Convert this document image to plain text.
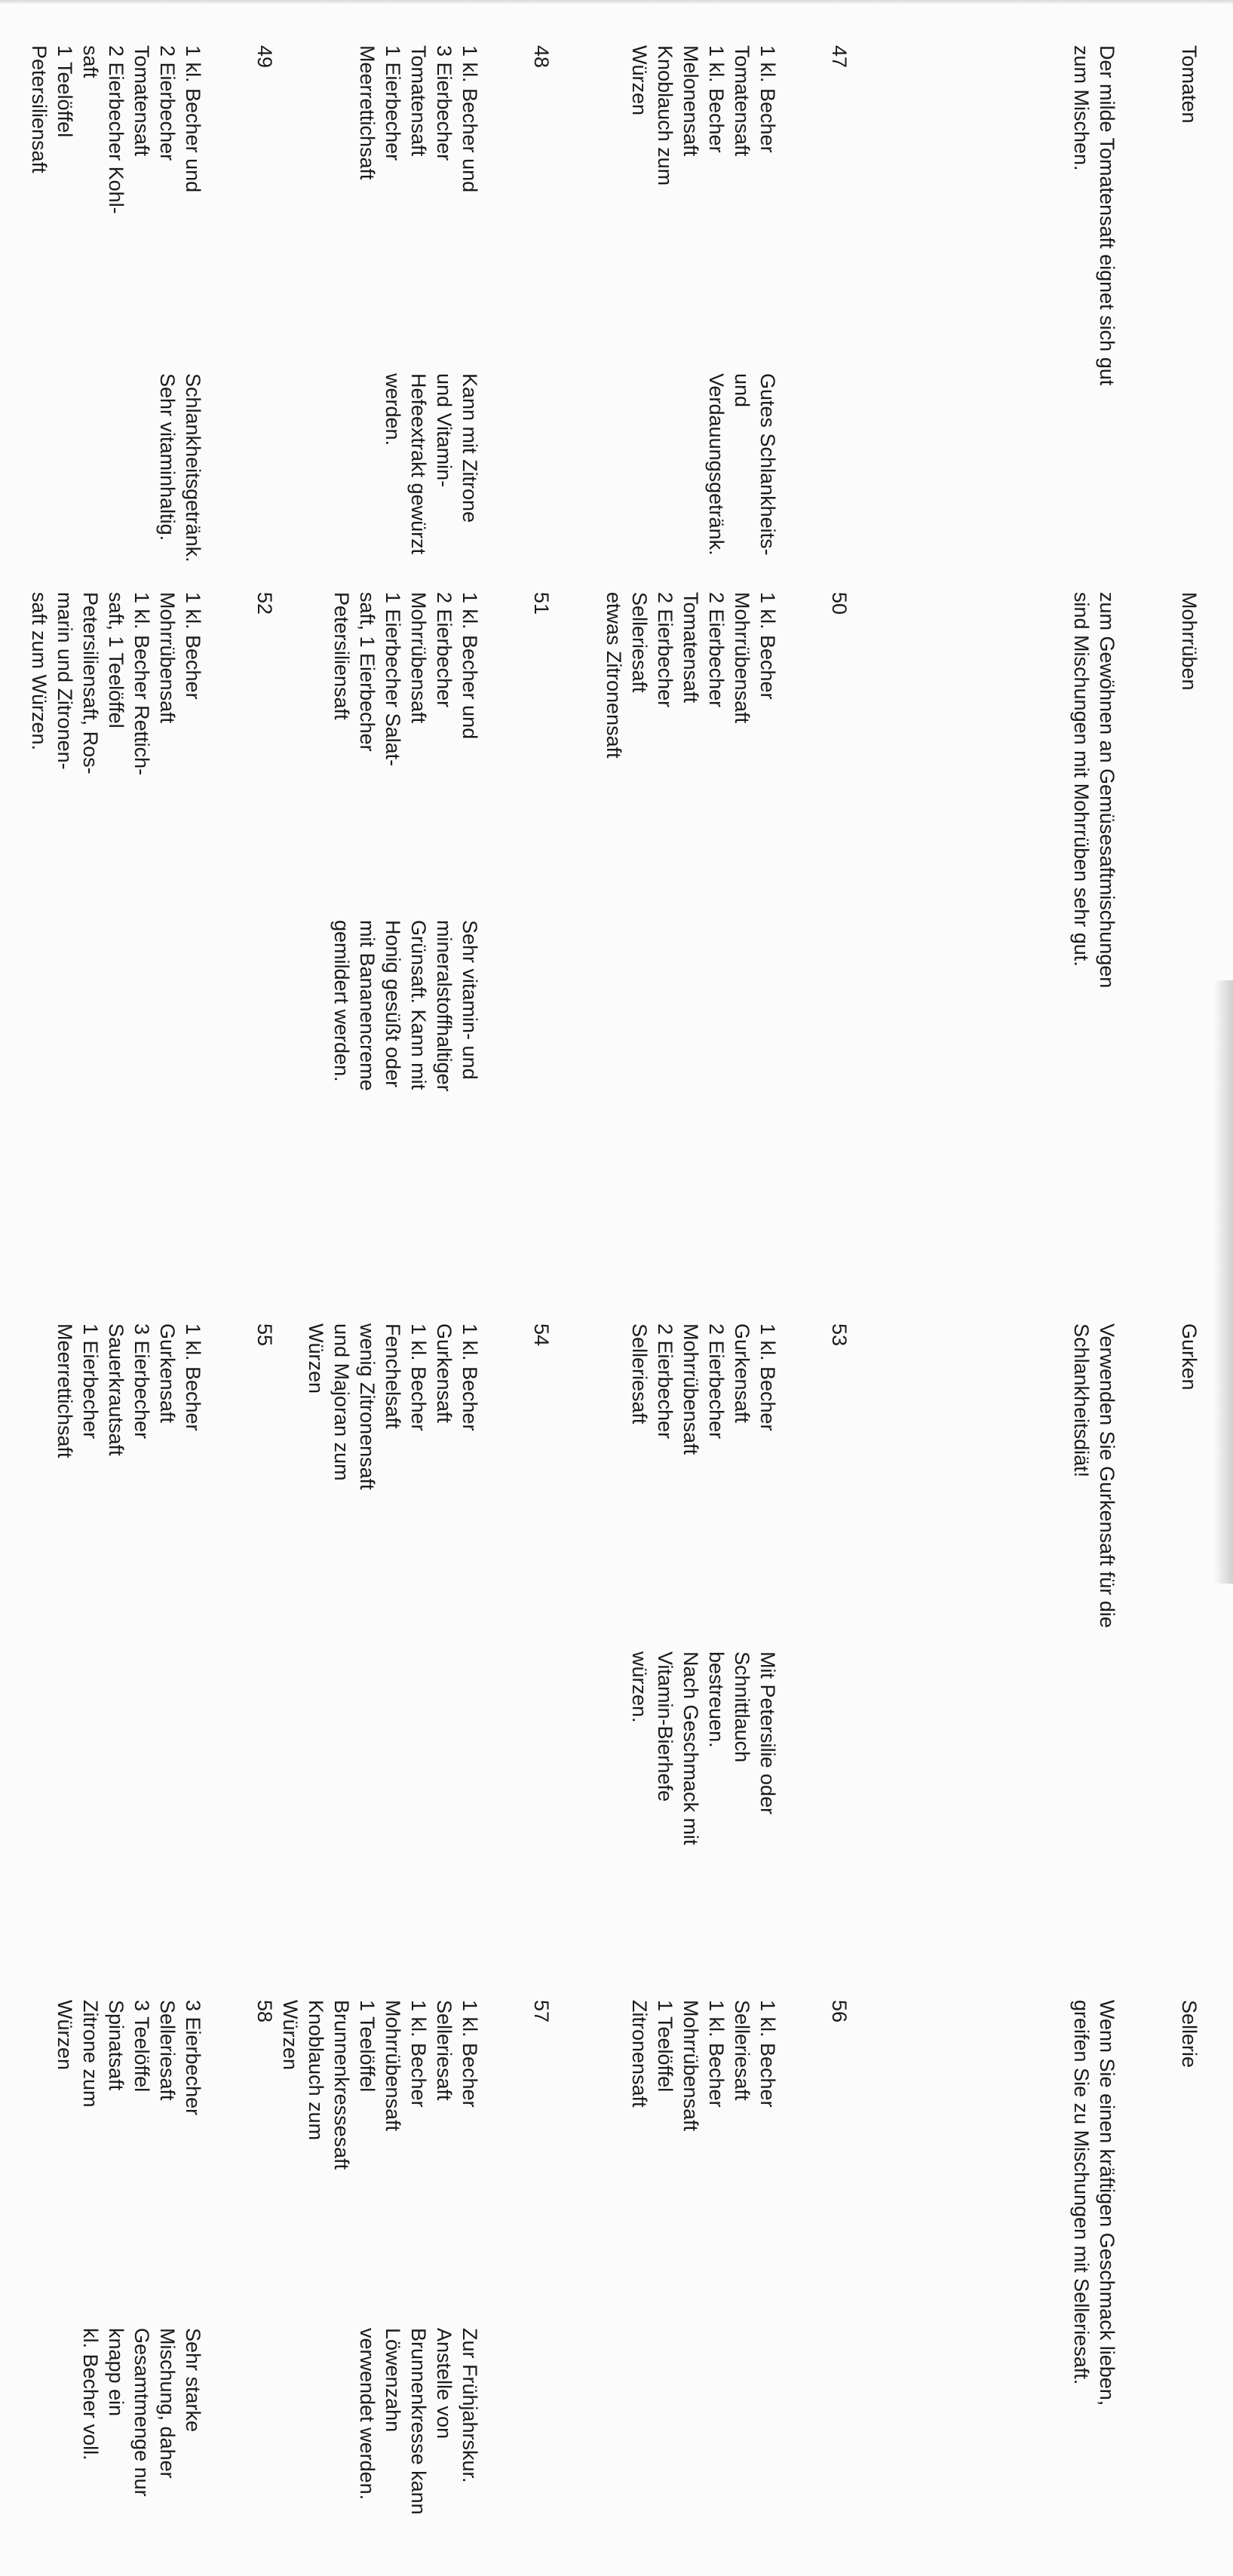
Tomaten

Der milde Tomatensaft eignet sich gut
zum Mischen.

47
1 kl. Becher
Tomatensaft
1 kl. Becher
Melonensaft
Knoblauch zum
Würzen
Gutes Schlankheits-
und
Verdauungsgetränk.
48
1 kl. Becher und
3 Eierbecher
Tomatensaft
1 Eierbecher
Meerrettichsaft
Kann mit Zitrone
und Vitamin-
Hefeextrakt gewürzt
werden.
49
1 kl. Becher und
2 Eierbecher
Tomatensaft
2 Eierbecher Kohl-
saft
1 Teelöffel
Petersiliensaft
Schlankheitsgetränk.
Sehr vitaminhaltig.
Mohrrüben

zum Gewöhnen an Gemüsesaftmischungen
sind Mischungen mit Mohrrüben sehr gut.

50
1 kl. Becher
Mohrrübensaft
2 Eierbecher
Tomatensaft
2 Eierbecher
Selleriesaft
etwas Zitronensaft
51
1 kl. Becher und
2 Eierbecher
Mohrrübensaft
1 Eierbecher Salat-
saft, 1 Eierbecher
Petersiliensaft
Sehr vitamin- und
mineralstoffhaltiger
Grünsaft. Kann mit
Honig gesüßt oder
mit Bananencreme
gemildert werden.
52
1 kl. Becher
Mohrrübensaft
1 kl. Becher Rettich-
saft, 1 Teelöffel
Petersiliensaft, Ros-
marin und Zitronen-
saft zum Würzen.
Gurken

Verwenden Sie Gurkensaft für die
Schlankheitsdiät!

53
1 kl. Becher
Gurkensaft
2 Eierbecher
Mohrrübensaft
2 Eierbecher
Selleriesaft
Mit Petersilie oder
Schnittlauch
bestreuen.
Nach Geschmack mit
Vitamin-Bierhefe
würzen.
54
1 kl. Becher
Gurkensaft
1 kl. Becher
Fenchelsaft
wenig Zitronensaft
und Majoran zum
Würzen
55
1 kl. Becher
Gurkensaft
3 Eierbecher
Sauerkrautsaft
1 Eierbecher
Meerrettichsaft
Sellerie

Wenn Sie einen kräftigen Geschmack lieben,
greifen Sie zu Mischungen mit Selleriesaft.

56
1 kl. Becher
Selleriesaft
1 kl. Becher
Mohrrübensaft
1 Teelöffel
Zitronensaft
57
1 kl. Becher
Selleriesaft
1 kl. Becher
Mohrrübensaft
1 Teelöffel
Brunnenkressesaft
Knoblauch zum
Würzen
Zur Frühjahrskur.
Anstelle von
Brunnenkresse kann
Löwenzahn
verwendet werden.
58
3 Eierbecher
Selleriesaft
3 Teelöffel
Spinatsaft
Zitrone zum
Würzen
Sehr starke
Mischung, daher
Gesamtmenge nur
knapp ein
kl. Becher voll.
